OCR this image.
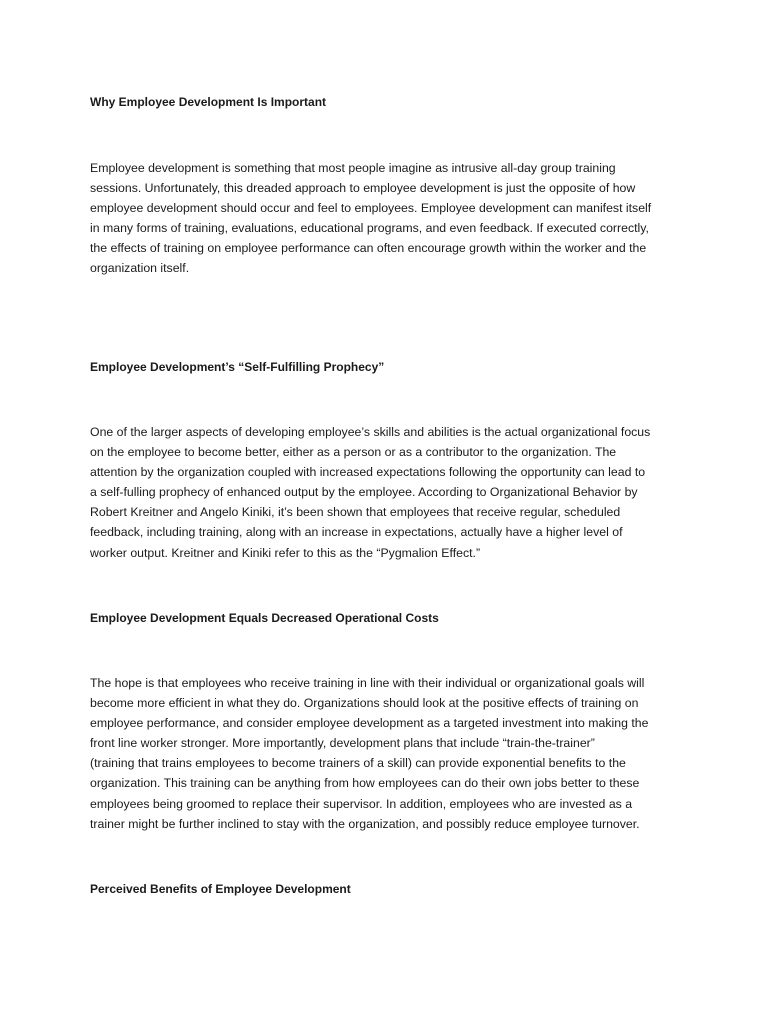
Why Employee Development Is Important

Employee development is something that most people imagine as intrusive all-day group training
sessions. Unfortunately, this dreaded approach to employee development is just the opposite of how
employee development should occur and feel to employees. Employee development can manifest itself
in many forms of training, evaluations, educational programs, and even feedback. If executed correctly,
the effects of training on employee performance can often encourage growth within the worker and the
organization itself.

Employee Development’s “Self-Fulfilling Prophecy”

One of the larger aspects of developing employee’s skills and abilities is the actual organizational focus
on the employee to become better, either as a person or as a contributor to the organization. The
attention by the organization coupled with increased expectations following the opportunity can lead to
a self-fulling prophecy of enhanced output by the employee. According to Organizational Behavior by
Robert Kreitner and Angelo Kiniki, it’s been shown that employees that receive regular, scheduled
feedback, including training, along with an increase in expectations, actually have a higher level of
worker output. Kreitner and Kiniki refer to this as the “Pygmalion Effect.”

Employee Development Equals Decreased Operational Costs

The hope is that employees who receive training in line with their individual or organizational goals will
become more efficient in what they do. Organizations should look at the positive effects of training on
employee performance, and consider employee development as a targeted investment into making the
front line worker stronger. More importantly, development plans that include “train-the-trainer”
(training that trains employees to become trainers of a skill) can provide exponential benefits to the
organization. This training can be anything from how employees can do their own jobs better to these
employees being groomed to replace their supervisor. In addition, employees who are invested as a
trainer might be further inclined to stay with the organization, and possibly reduce employee turnover.

Perceived Benefits of Employee Development
